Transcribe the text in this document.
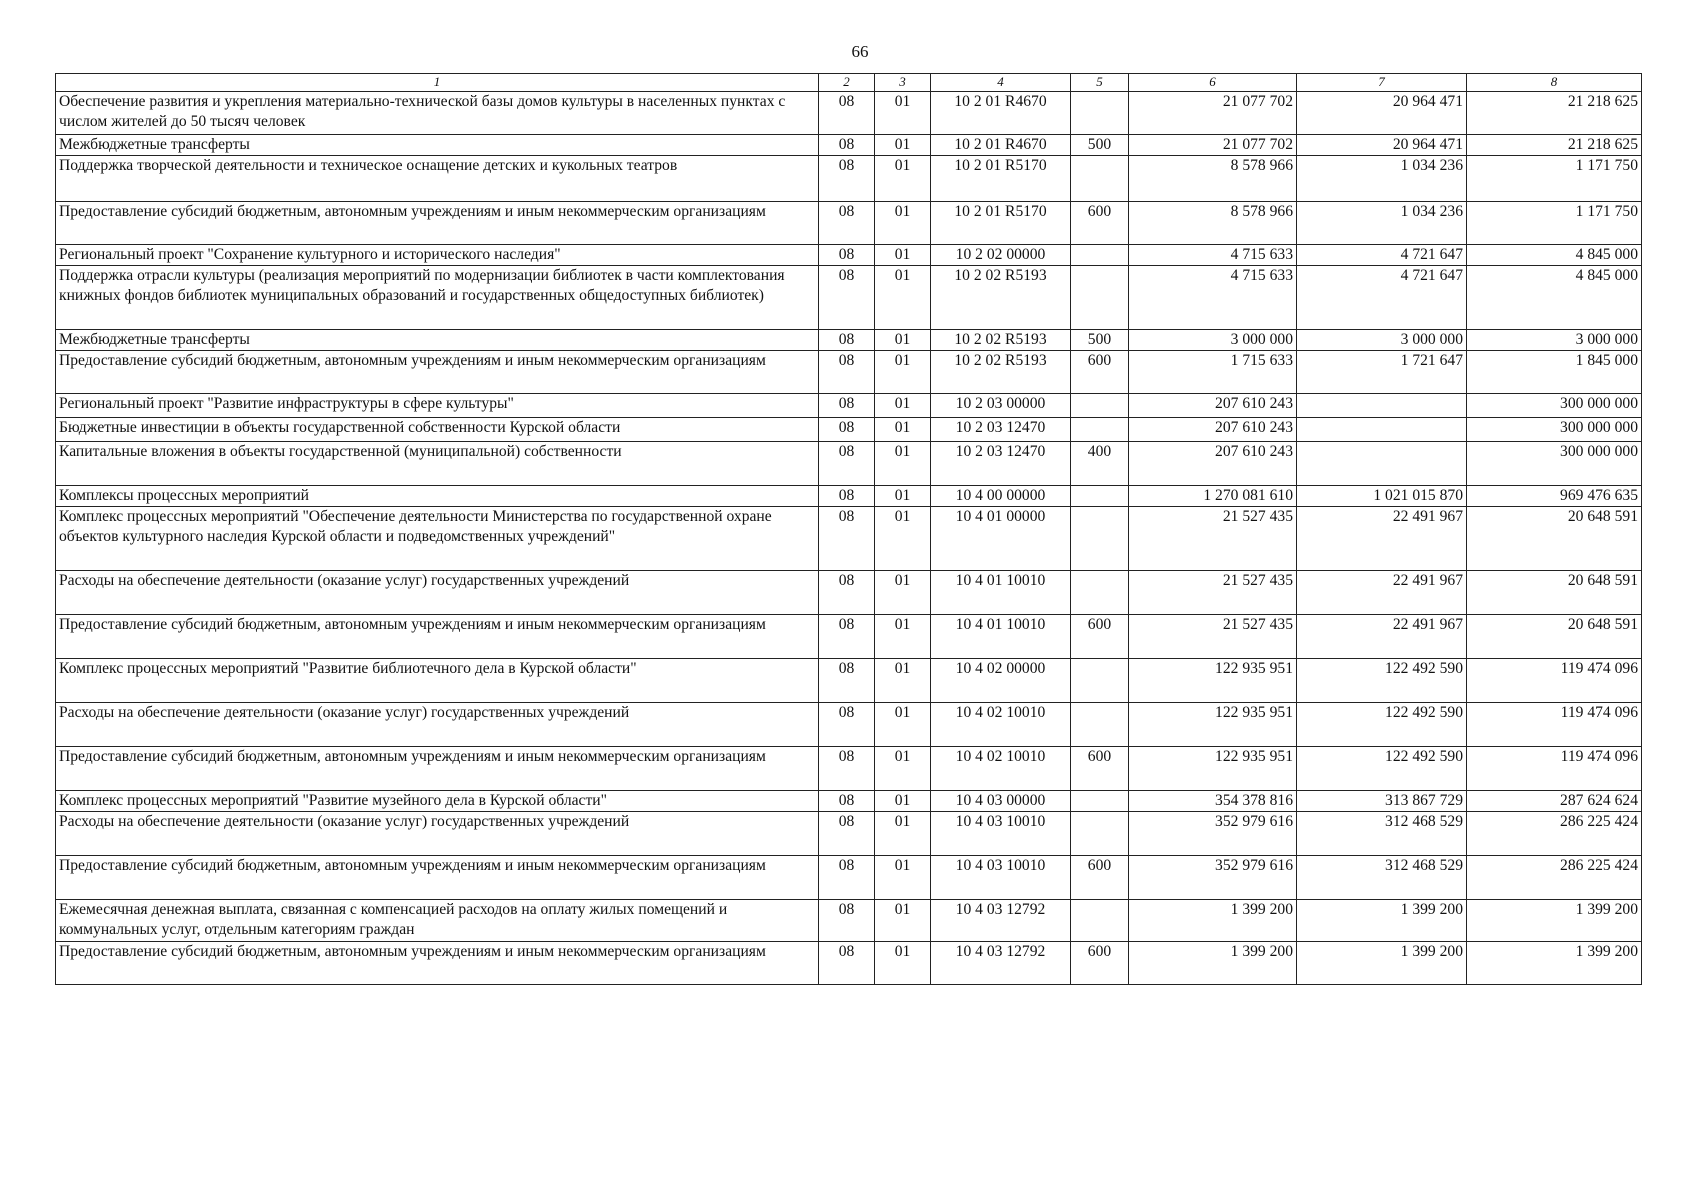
66
1	2	3	4	5	6	7	8
Обеспечение развития и укрепления материально-технической базы домов культуры в населенных пунктах с числом жителей до 50 тысяч человек	08	01	10 2 01 R4670		21 077 702	20 964 471	21 218 625
Межбюджетные трансферты	08	01	10 2 01 R4670	500	21 077 702	20 964 471	21 218 625
Поддержка творческой деятельности и техническое оснащение детских и кукольных театров	08	01	10 2 01 R5170		8 578 966	1 034 236	1 171 750
Предоставление субсидий бюджетным, автономным учреждениям и иным некоммерческим организациям	08	01	10 2 01 R5170	600	8 578 966	1 034 236	1 171 750
Региональный проект "Сохранение культурного и исторического наследия"	08	01	10 2 02 00000		4 715 633	4 721 647	4 845 000
Поддержка отрасли культуры (реализация мероприятий по модернизации библиотек в части комплектования книжных фондов библиотек муниципальных образований и государственных общедоступных библиотек)	08	01	10 2 02 R5193		4 715 633	4 721 647	4 845 000
Межбюджетные трансферты	08	01	10 2 02 R5193	500	3 000 000	3 000 000	3 000 000
Предоставление субсидий бюджетным, автономным учреждениям и иным некоммерческим организациям	08	01	10 2 02 R5193	600	1 715 633	1 721 647	1 845 000
Региональный проект "Развитие инфраструктуры в сфере культуры"	08	01	10 2 03 00000		207 610 243		300 000 000
Бюджетные инвестиции в объекты государственной собственности Курской области	08	01	10 2 03 12470		207 610 243		300 000 000
Капитальные вложения в объекты государственной (муниципальной) собственности	08	01	10 2 03 12470	400	207 610 243		300 000 000
Комплексы процессных мероприятий	08	01	10 4 00 00000		1 270 081 610	1 021 015 870	969 476 635
Комплекс процессных мероприятий "Обеспечение деятельности Министерства по государственной охране объектов культурного наследия Курской области и подведомственных учреждений"	08	01	10 4 01 00000		21 527 435	22 491 967	20 648 591
Расходы на обеспечение деятельности (оказание услуг) государственных учреждений	08	01	10 4 01 10010		21 527 435	22 491 967	20 648 591
Предоставление субсидий бюджетным, автономным учреждениям и иным некоммерческим организациям	08	01	10 4 01 10010	600	21 527 435	22 491 967	20 648 591
Комплекс процессных мероприятий "Развитие библиотечного дела в Курской области"	08	01	10 4 02 00000		122 935 951	122 492 590	119 474 096
Расходы на обеспечение деятельности (оказание услуг) государственных учреждений	08	01	10 4 02 10010		122 935 951	122 492 590	119 474 096
Предоставление субсидий бюджетным, автономным учреждениям и иным некоммерческим организациям	08	01	10 4 02 10010	600	122 935 951	122 492 590	119 474 096
Комплекс процессных мероприятий "Развитие музейного дела в Курской области"	08	01	10 4 03 00000		354 378 816	313 867 729	287 624 624
Расходы на обеспечение деятельности (оказание услуг) государственных учреждений	08	01	10 4 03 10010		352 979 616	312 468 529	286 225 424
Предоставление субсидий бюджетным, автономным учреждениям и иным некоммерческим организациям	08	01	10 4 03 10010	600	352 979 616	312 468 529	286 225 424
Ежемесячная денежная выплата, связанная с компенсацией расходов на оплату жилых помещений и коммунальных услуг, отдельным категориям граждан	08	01	10 4 03 12792		1 399 200	1 399 200	1 399 200
Предоставление субсидий бюджетным, автономным учреждениям и иным некоммерческим организациям	08	01	10 4 03 12792	600	1 399 200	1 399 200	1 399 200
